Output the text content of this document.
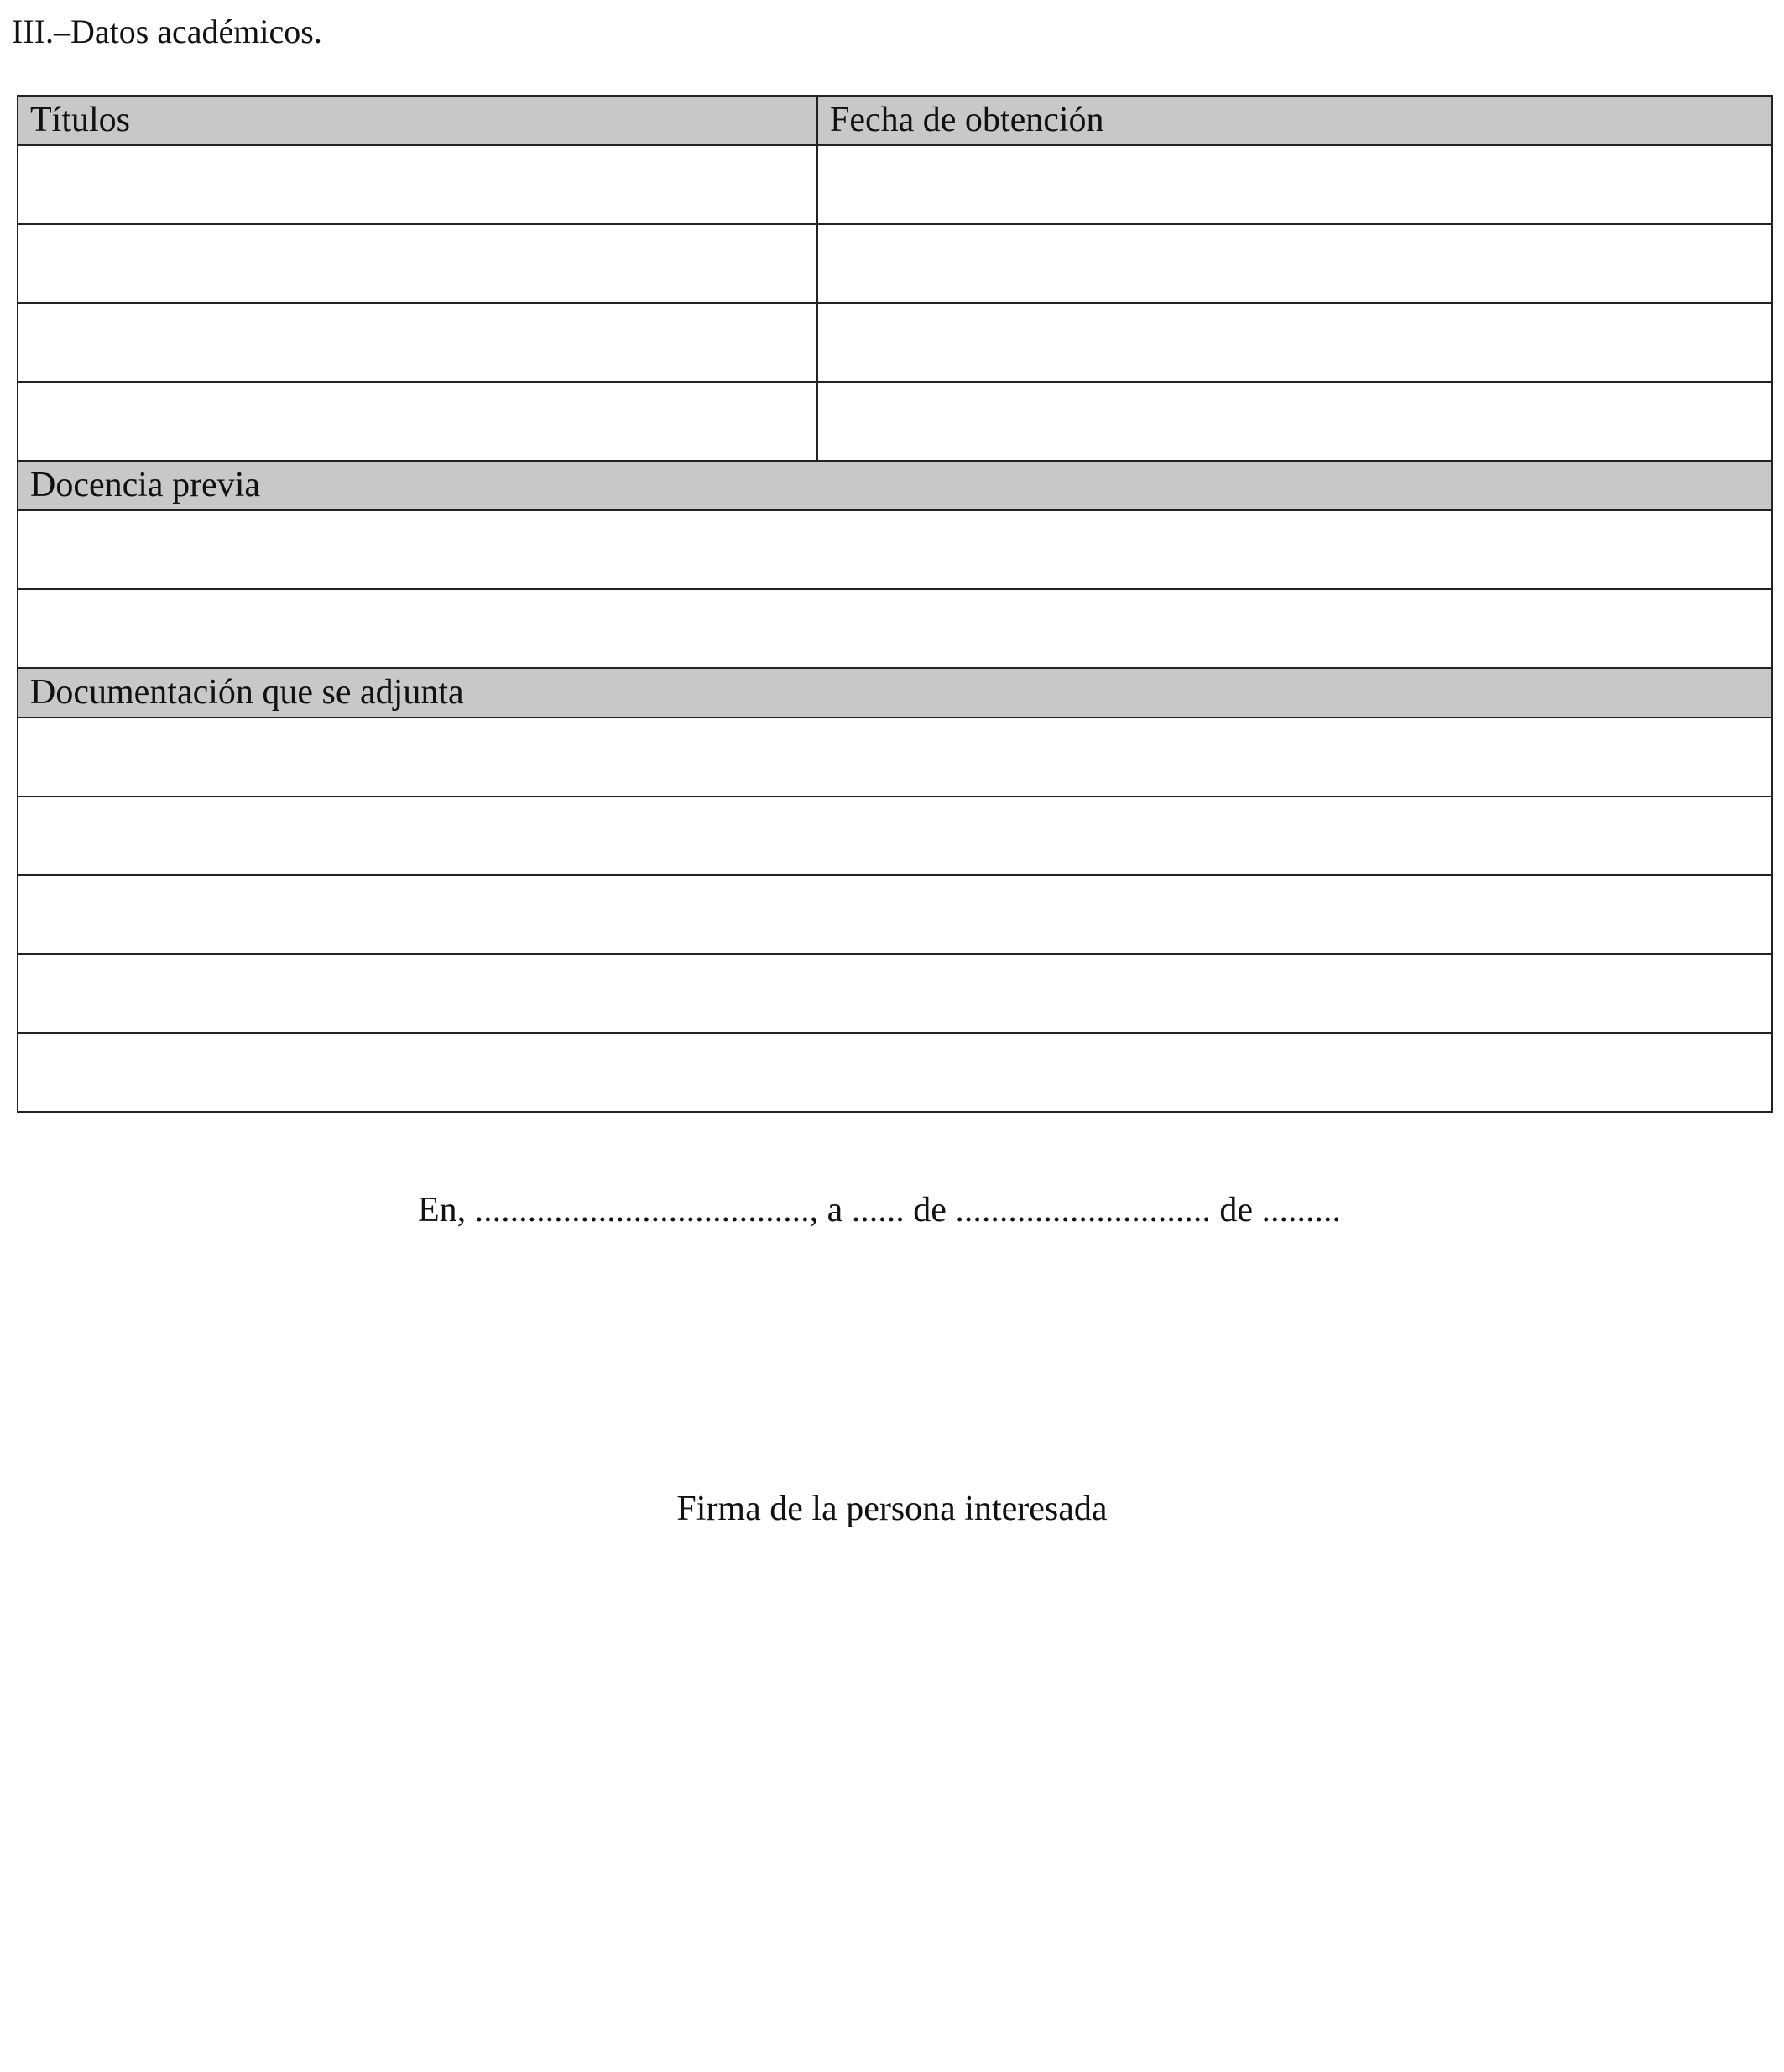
III.–Datos académicos.
Títulos	Fecha de obtención

Docencia previa	

Documentación que se adjunta	

En, ......................................, a ...... de ............................. de .........
Firma de la persona interesada
